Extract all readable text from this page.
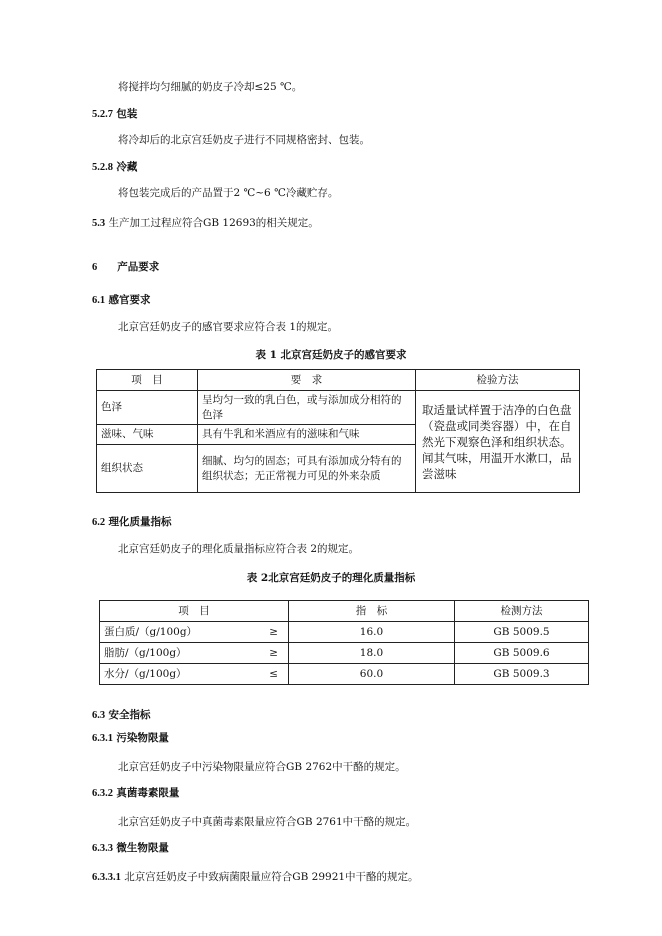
将搅拌均匀细腻的奶皮子冷却≤25 ℃。
5.2.7 包装
将冷却后的北京宫廷奶皮子进行不同规格密封、包装。
5.2.8 冷藏
将包装完成后的产品置于2 ℃~6 ℃冷藏贮存。
5.3 生产加工过程应符合GB 12693的相关规定。
6 产品要求
6.1 感官要求
北京宫廷奶皮子的感官要求应符合表 1的规定。
表 1 北京宫廷奶皮子的感官要求
项　目	要　求	检验方法
色泽	呈均匀一致的乳白色，或与添加成分相符的色泽	取适量试样置于洁净的白色盘（瓷盘或同类容器）中，在自然光下观察色泽和组织状态。闻其气味，用温开水漱口，品尝滋味
滋味、气味	具有牛乳和米酒应有的滋味和气味	
组织状态	细腻、均匀的固态；可具有添加成分特有的组织状态；无正常视力可见的外来杂质	
6.2 理化质量指标
北京宫廷奶皮子的理化质量指标应符合表 2的规定。
表 2北京宫廷奶皮子的理化质量指标
项　目	指　标	检测方法

蛋白质/（g/100g） ≥	16.0	GB 5009.5

脂肪/（g/100g） ≥	18.0	GB 5009.6

水分/（g/100g） ≤	60.0	GB 5009.3
6.3 安全指标
6.3.1 污染物限量
北京宫廷奶皮子中污染物限量应符合GB 2762中干酪的规定。
6.3.2 真菌毒素限量
北京宫廷奶皮子中真菌毒素限量应符合GB 2761中干酪的规定。
6.3.3 微生物限量
6.3.3.1 北京宫廷奶皮子中致病菌限量应符合GB 29921中干酪的规定。
